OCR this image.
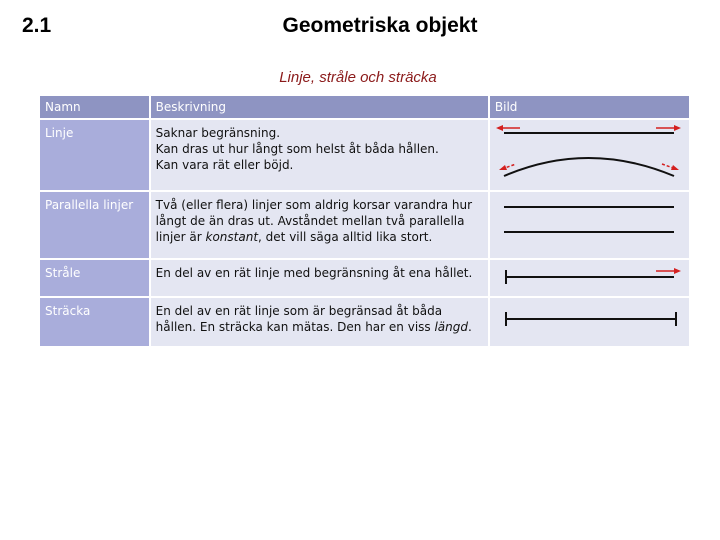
2.1	Geometriska objekt
Linje, stråle och sträcka
Namn	Beskrivning	Bild
Linje	Saknar begränsning.
Kan dras ut hur långt som helst åt båda hållen.
Kan vara rät eller böjd.

Parallella linjer	Två (eller flera) linjer som aldrig korsar varandra hur långt de än dras ut. Avståndet mellan två parallella linjer är konstant, det vill säga alltid lika stort.	

Stråle	En del av en rät linje med begränsning åt ena hållet.	

Sträcka	En del av en rät linje som är begränsad åt båda hållen. En sträcka kan mätas. Den har en viss längd.	
